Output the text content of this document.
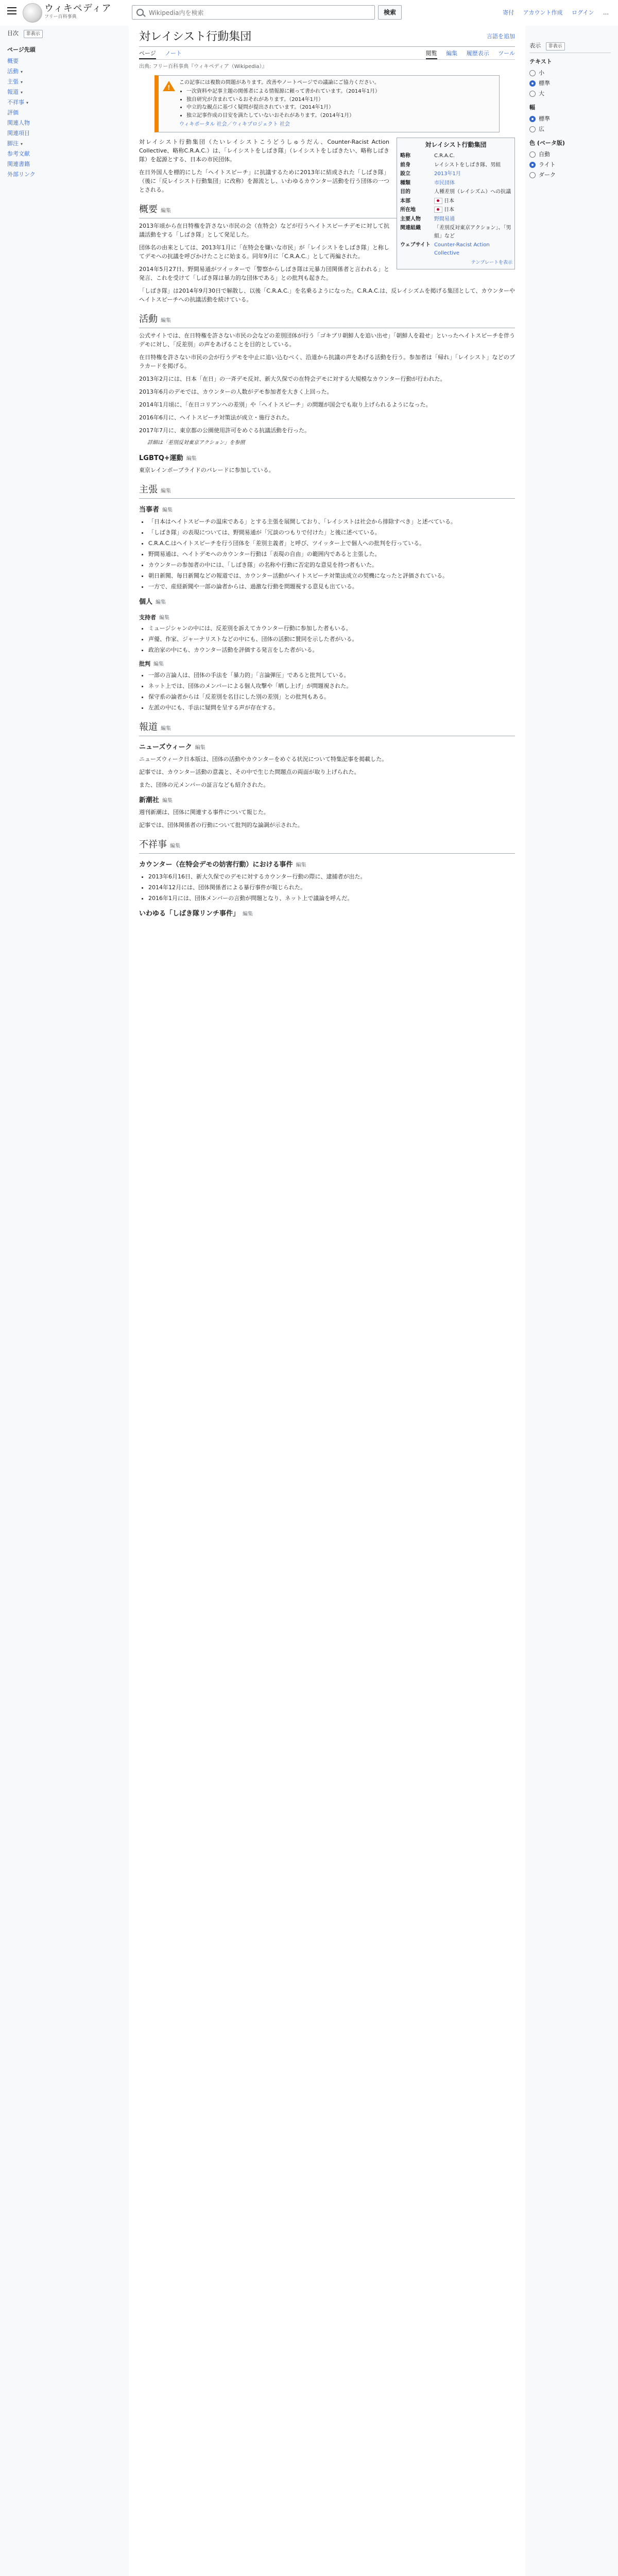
ウィキペディア
フリー百科事典
Wikipedia内を検索
検索	寄付 アカウント作成 ログイン …
目次 非表示
ページ先頭
概要
活動 ▾
主張 ▾
報道 ▾
不祥事 ▾
評価
関連人物
関連項目
脚注 ▾
参考文献
関連書籍
外部リンク
表示 非表示
テキスト
小
標準
大
幅
標準
広
色 (ベータ版)
自動
ライト
ダーク
対レイシスト行動集団	言語を追加
ページ ノート	閲覧 編集 履歴表示 ツール
出典: フリー百科事典『ウィキペディア（Wikipedia）』
!
この記事には複数の問題があります。改善やノートページでの議論にご協力ください。
• 一次資料や記事主題の関係者による情報源に頼って書かれています。（2014年1月）
• 独自研究が含まれているおそれがあります。（2014年1月）
• 中立的な観点に基づく疑問が提出されています。（2014年1月）
• 独立記事作成の目安を満たしていないおそれがあります。（2014年1月）
ウィキポータル 社会／ウィキプロジェクト 社会
対レイシスト行動集団
略称	C.R.A.C.
前身	レイシストをしばき隊、男組
設立	2013年1月
種類	市民団体
目的	人種差別（レイシズム）への抗議
本部	日本
所在地	日本
主要人物	野間易通
関連組織	「差別反対東京アクション」、「男組」など
ウェブサイト	Counter-Racist Action Collective
テンプレートを表示

対レイシスト行動集団（たいレイシストこうどうしゅうだん、Counter-Racist Action Collective、略称C.R.A.C.）は、「レイシストをしばき隊」（レイシストをしばきたい、略称しばき隊）を起源とする、日本の市民団体。

在日外国人を標的にした「ヘイトスピーチ」に抗議するために2013年に結成された「しばき隊」（後に「反レイシスト行動集団」に改称）を源流とし、いわゆるカウンター活動を行う団体の一つとされる。

概要 編集

2013年頃から在日特権を許さない市民の会（在特会）などが行うヘイトスピーチデモに対して抗議活動をする「しばき隊」として発足した。

団体名の由来としては、2013年1月に「在特会を嫌いな市民」が「レイシストをしばき隊」と称してデモへの抗議を呼びかけたことに始まる。同年9月に「C.R.A.C.」として再編された。

2014年5月27日、野間易通がツイッターで「警察からしばき隊は元暴力団関係者と言われる」と発言、これを受けて「しばき隊は暴力的な団体である」との批判も起きた。

「しばき隊」は2014年9月30日で解散し、以後「C.R.A.C.」を名乗るようになった。C.R.A.C.は、反レイシズムを掲げる集団として、カウンターやヘイトスピーチへの抗議活動を続けている。

活動 編集

公式サイトでは、在日特権を許さない市民の会などの差別団体が行う「ゴキブリ朝鮮人を追い出せ」「朝鮮人を殺せ」といったヘイトスピーチを伴うデモに対し、「反差別」の声をあげることを目的としている。

在日特権を許さない市民の会が行うデモを中止に追い込むべく、沿道から抗議の声をあげる活動を行う。参加者は「帰れ」「レイシスト」などのプラカードを掲げる。

2013年2月には、日本「在日」の一斉デモ反対、新大久保での在特会デモに対する大規模なカウンター行動が行われた。

2013年6月のデモでは、カウンターの人数がデモ参加者を大きく上回った。

2014年1月頃に、「在日コリアンへの差別」や「ヘイトスピーチ」の問題が国会でも取り上げられるようになった。

2016年6月に、ヘイトスピーチ対策法が成立・施行された。

2017年7月に、東京都の公園使用許可をめぐる抗議活動を行った。

詳細は「差別反対東京アクション」を参照
LGBTQ+運動 編集

東京レインボープライドのパレードに参加している。

主張 編集
当事者 編集
• 「日本はヘイトスピーチの温床である」とする主張を展開しており、「レイシストは社会から排除すべき」と述べている。
• 「しばき隊」の表現については、野間易通が「冗談のつもりで付けた」と後に述べている。
• C.R.A.C.はヘイトスピーチを行う団体を「差別主義者」と呼び、ツイッター上で個人への批判を行っている。
• 野間易通は、ヘイトデモへのカウンター行動は「表現の自由」の範囲内であると主張した。
• カウンターの参加者の中には、「しばき隊」の名称や行動に否定的な意見を持つ者もいた。
• 朝日新聞、毎日新聞などの報道では、カウンター活動がヘイトスピーチ対策法成立の契機になったと評価されている。
• 一方で、産経新聞や一部の論者からは、過激な行動を問題視する意見も出ている。
個人 編集
支持者 編集
• ミュージシャンの中には、反差別を訴えてカウンター行動に参加した者もいる。
• 声優、作家、ジャーナリストなどの中にも、団体の活動に賛同を示した者がいる。
• 政治家の中にも、カウンター活動を評価する発言をした者がいる。
批判 編集
• 一部の言論人は、団体の手法を「暴力的」「言論弾圧」であると批判している。
• ネット上では、団体のメンバーによる個人攻撃や「晒し上げ」が問題視された。
• 保守系の論者からは「反差別を名目にした別の差別」との批判もある。
• 左派の中にも、手法に疑問を呈する声が存在する。
報道 編集
ニューズウィーク 編集

ニューズウィーク日本版は、団体の活動やカウンターをめぐる状況について特集記事を掲載した。

記事では、カウンター活動の意義と、その中で生じた問題点の両面が取り上げられた。

また、団体の元メンバーの証言なども紹介された。

新潮社 編集

週刊新潮は、団体に関連する事件について報じた。

記事では、団体関係者の行動について批判的な論調が示された。

不祥事 編集
カウンター（在特会デモの妨害行動）における事件 編集
• 2013年6月16日、新大久保でのデモに対するカウンター行動の際に、逮捕者が出た。
• 2014年12月には、団体関係者による暴行事件が報じられた。
• 2016年1月には、団体メンバーの言動が問題となり、ネット上で議論を呼んだ。
いわゆる「しばき隊リンチ事件」 編集
